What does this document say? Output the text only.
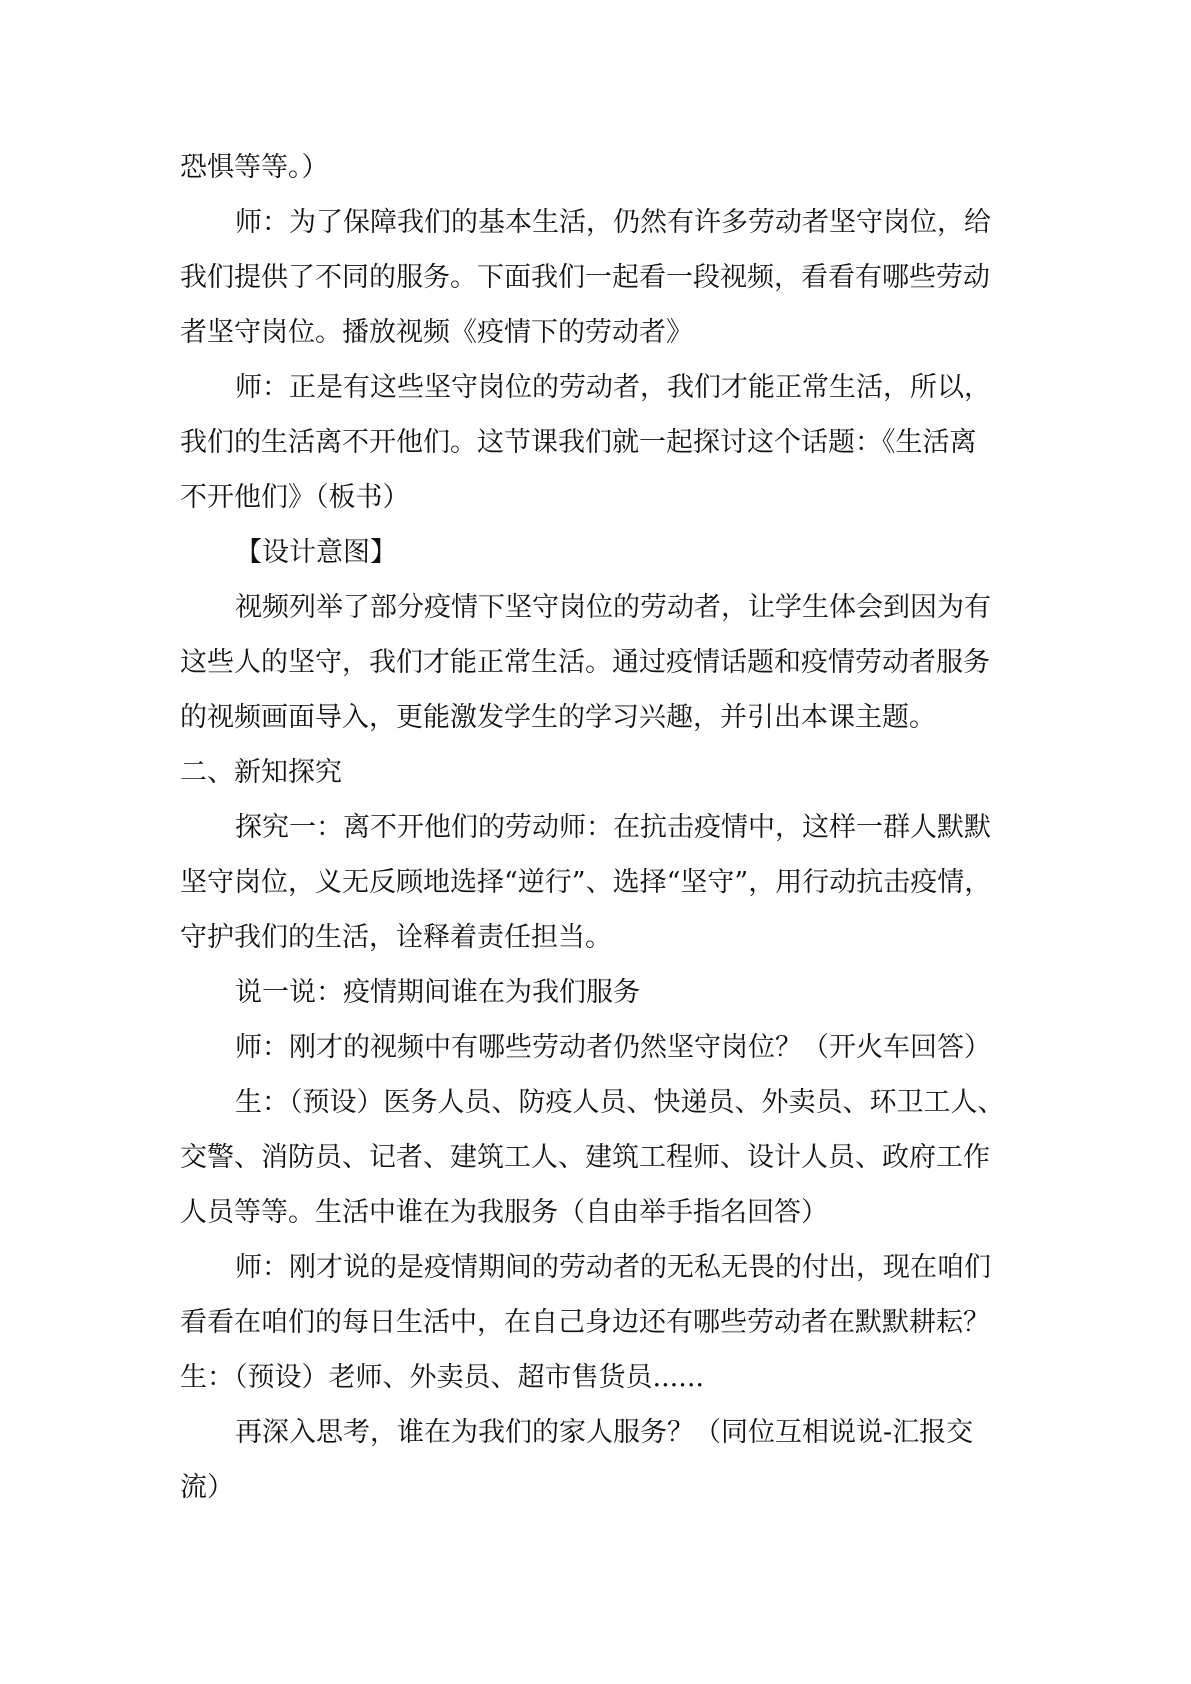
恐惧等等。）

师：为了保障我们的基本生活，仍然有许多劳动者坚守岗位，给

我们提供了不同的服务。下面我们一起看一段视频，看看有哪些劳动

者坚守岗位。播放视频《疫情下的劳动者》

师：正是有这些坚守岗位的劳动者，我们才能正常生活，所以，

我们的生活离不开他们。这节课我们就一起探讨这个话题：《生活离

不开他们》（板书）

【设计意图】

视频列举了部分疫情下坚守岗位的劳动者，让学生体会到因为有

这些人的坚守，我们才能正常生活。通过疫情话题和疫情劳动者服务

的视频画面导入，更能激发学生的学习兴趣，并引出本课主题。

二、新知探究

探究一：离不开他们的劳动师：在抗击疫情中，这样一群人默默

坚守岗位，义无反顾地选择“逆行”、选择“坚守”，用行动抗击疫情，

守护我们的生活，诠释着责任担当。

说一说：疫情期间谁在为我们服务

师：刚才的视频中有哪些劳动者仍然坚守岗位？（开火车回答）

生：（预设）医务人员、防疫人员、快递员、外卖员、环卫工人、

交警、消防员、记者、建筑工人、建筑工程师、设计人员、政府工作

人员等等。生活中谁在为我服务（自由举手指名回答）

师：刚才说的是疫情期间的劳动者的无私无畏的付出，现在咱们

看看在咱们的每日生活中，在自己身边还有哪些劳动者在默默耕耘？

生：（预设）老师、外卖员、超市售货员......

再深入思考，谁在为我们的家人服务？（同位互相说说-汇报交

流）
